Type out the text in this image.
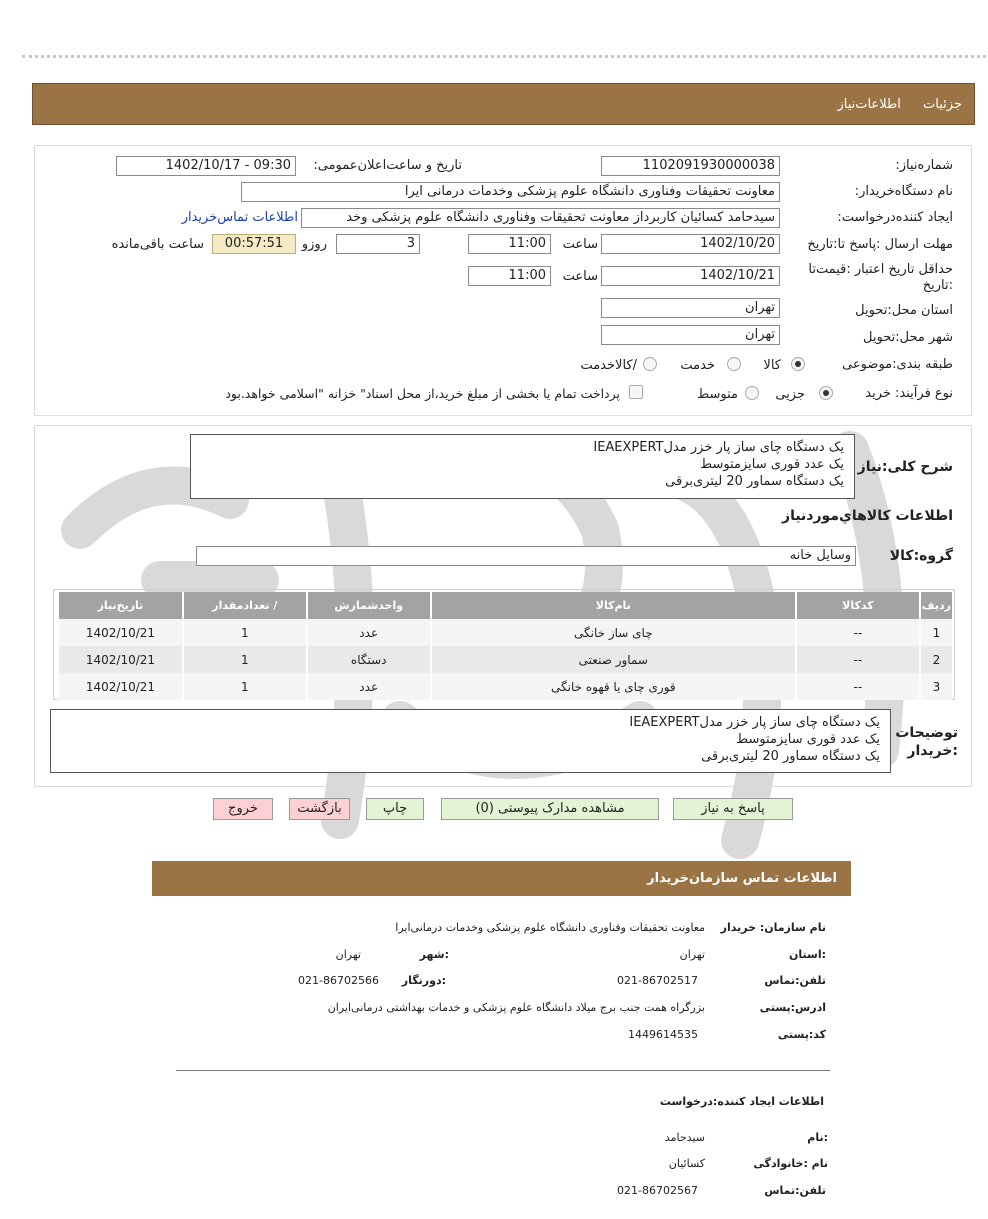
جزئیات اطلاعات‌نیاز
شماره‌نیاز:
1102091930000038
تاریخ و ساعت‌اعلان‌عمومی:
1402/10/17 - 09:30
نام دستگاه‌خریدار:
معاونت تحقیقات وفناوری دانشگاه علوم پزشکی وخدمات درمانی ایرا
ایجاد کننده‌درخواست:
سیدحامد کسائیان کاربرداز معاونت تحقیقات وفناوری دانشگاه علوم پزشکی وخد
اطلاعات تماس‌خریدار
مهلت ارسال :پاسخ تا:تاریخ
1402/10/20
ساعت
11:00
3
روزو
00:57:51
ساعت باقی‌مانده
حداقل تاریخ اعتبار :قیمت‌تا
:تاریخ
1402/10/21
ساعت
11:00
استان محل:تحویل
تهران
شهر محل:تحویل
تهران
طبقه بندی:موضوعی
کالا
خدمت
/کالاخدمت
نوع فرآیند: خرید
جزیی
متوسط
پرداخت تمام یا بخشی از مبلغ خرید،از محل اسناد" خزانه "اسلامی خواهد.بود
شرح کلی:نیاز
یک دستگاه چای ساز پار خزر مدلIEAEXPERT
یک عدد قوری سایزمتوسط
یک دستگاه سماور 20 لیتری‌برقی
اطلاعات کالاهاي‌موردنياز
گروه:کالا
وسایل خانه
ردیف	کدکالا	نام‌کالا	واحدشمارش	/ تعدادمقدار	تاریخ‌نیاز
1	--	چای ساز خانگی	عدد	1	1402/10/21
2	--	سماور صنعتی	دستگاه	1	1402/10/21
3	--	قوری چای یا قهوه خانگی	عدد	1	1402/10/21
توضیحات
:خریدار
یک دستگاه چای ساز پار خزر مدلIEAEXPERT
یک عدد قوری سایزمتوسط
یک دستگاه سماور 20 لیتری‌برقی
پاسخ به نیاز
مشاهده مدارک پیوستی (0)
چاپ
بازگشت
خروج
اطلاعات تماس سازمان‌خریدار
نام سازمان: خریدار
معاونت تحقیقات وفناوری دانشگاه علوم پزشکی وخدمات درمانی‌ایرا
:استان
تهران
:شهر
تهران
تلفن:تماس
021-86702517
:دورنگار
021-86702566
ادرس:پستی
بزرگراه همت جنب برج میلاد دانشگاه علوم پزشکی و خدمات بهداشتی درمانی‌ایران
کد:پستی
1449614535
اطلاعات ایجاد کننده:درخواست
:نام
سیدحامد
نام :خانوادگی
کسائیان
تلفن:تماس
021-86702567
